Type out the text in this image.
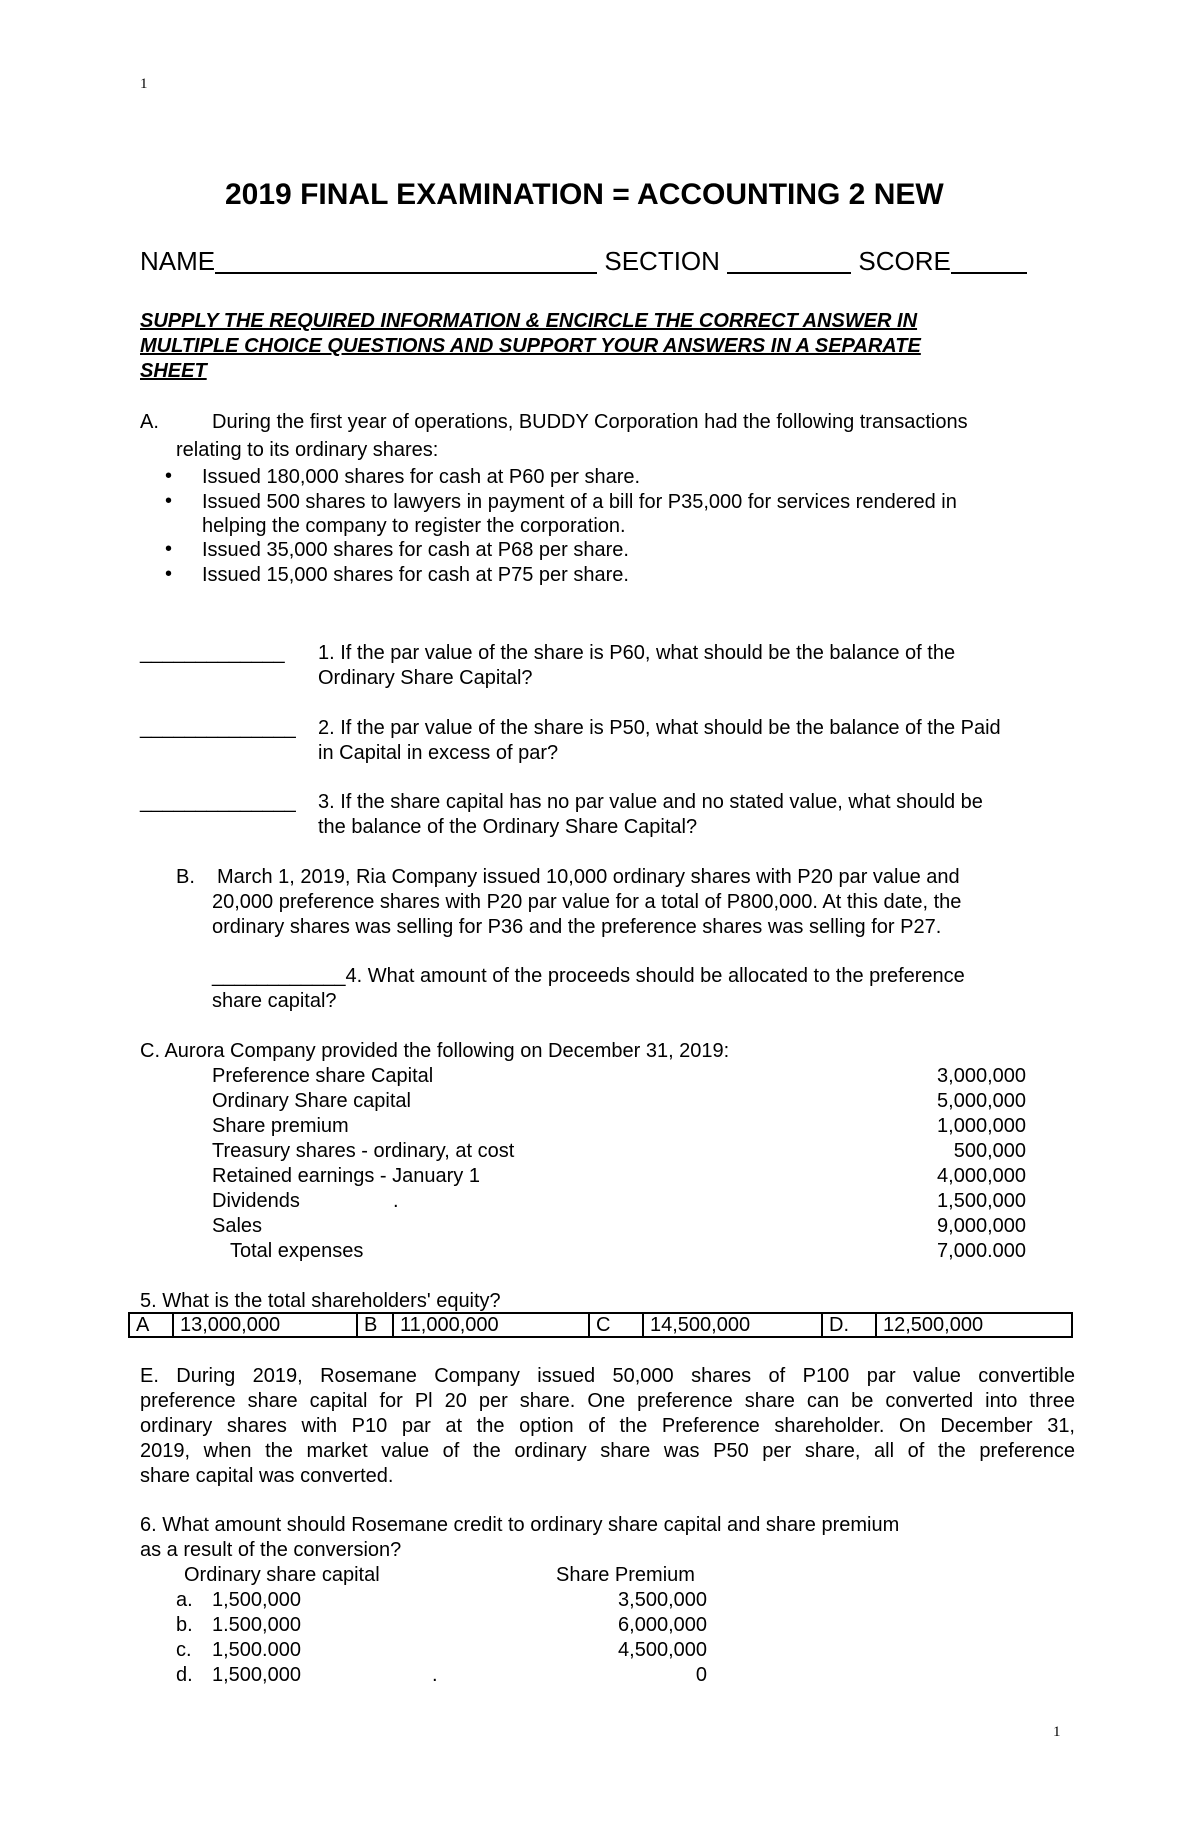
1
1
2019 FINAL EXAMINATION = ACCOUNTING 2 NEW
NAME	SECTION	SCORE
SUPPLY THE REQUIRED INFORMATION & ENCIRCLE THE CORRECT ANSWER IN
MULTIPLE CHOICE QUESTIONS AND SUPPORT YOUR ANSWERS IN A SEPARATE
SHEET
A.	During the first year of operations, BUDDY Corporation had the following transactions
relating to its ordinary shares:
• Issued 180,000 shares for cash at P60 per share.
• Issued 500 shares to lawyers in payment of a bill for P35,000 for services rendered in
helping the company to register the corporation.
• Issued 35,000 shares for cash at P68 per share.
• Issued 15,000 shares for cash at P75 per share.
_____________ 1. If the par value of the share is P60, what should be the balance of the
Ordinary Share Capital?
______________ 2. If the par value of the share is P50, what should be the balance of the Paid
in Capital in excess of par?
______________ 3. If the share capital has no par value and no stated value, what should be
the balance of the Ordinary Share Capital?
B. March 1, 2019, Ria Company issued 10,000 ordinary shares with P20 par value and
20,000 preference shares with P20 par value for a total of P800,000. At this date, the
ordinary shares was selling for P36 and the preference shares was selling for P27.
____________4. What amount of the proceeds should be allocated to the preference
share capital?
C. Aurora Company provided the following on December 31, 2019:
Preference share Capital	3,000,000
Ordinary Share capital	5,000,000
Share premium	1,000,000
Treasury shares - ordinary, at cost	500,000
Retained earnings - January 1	4,000,000
Dividends	.	1,500,000
Sales	9,000,000
Total expenses	7,000.000
5. What is the total shareholders' equity?
A	13,000,000	B	11,000,000	C	14,500,000	D.	12,500,000
E. During 2019, Rosemane Company issued 50,000 shares of P100 par value convertible
preference share capital for Pl 20 per share. One preference share can be converted into three
ordinary shares with P10 par at the option of the Preference shareholder. On December 31,
2019, when the market value of the ordinary share was P50 per share, all of the preference
share capital was converted.
6. What amount should Rosemane credit to ordinary share capital and share premium
as a result of the conversion?
Ordinary share capital	Share Premium
a. 1,500,000	3,500,000
b. 1.500,000	6,000,000
c. 1,500.000	4,500,000
d. 1,500,000	.	0
